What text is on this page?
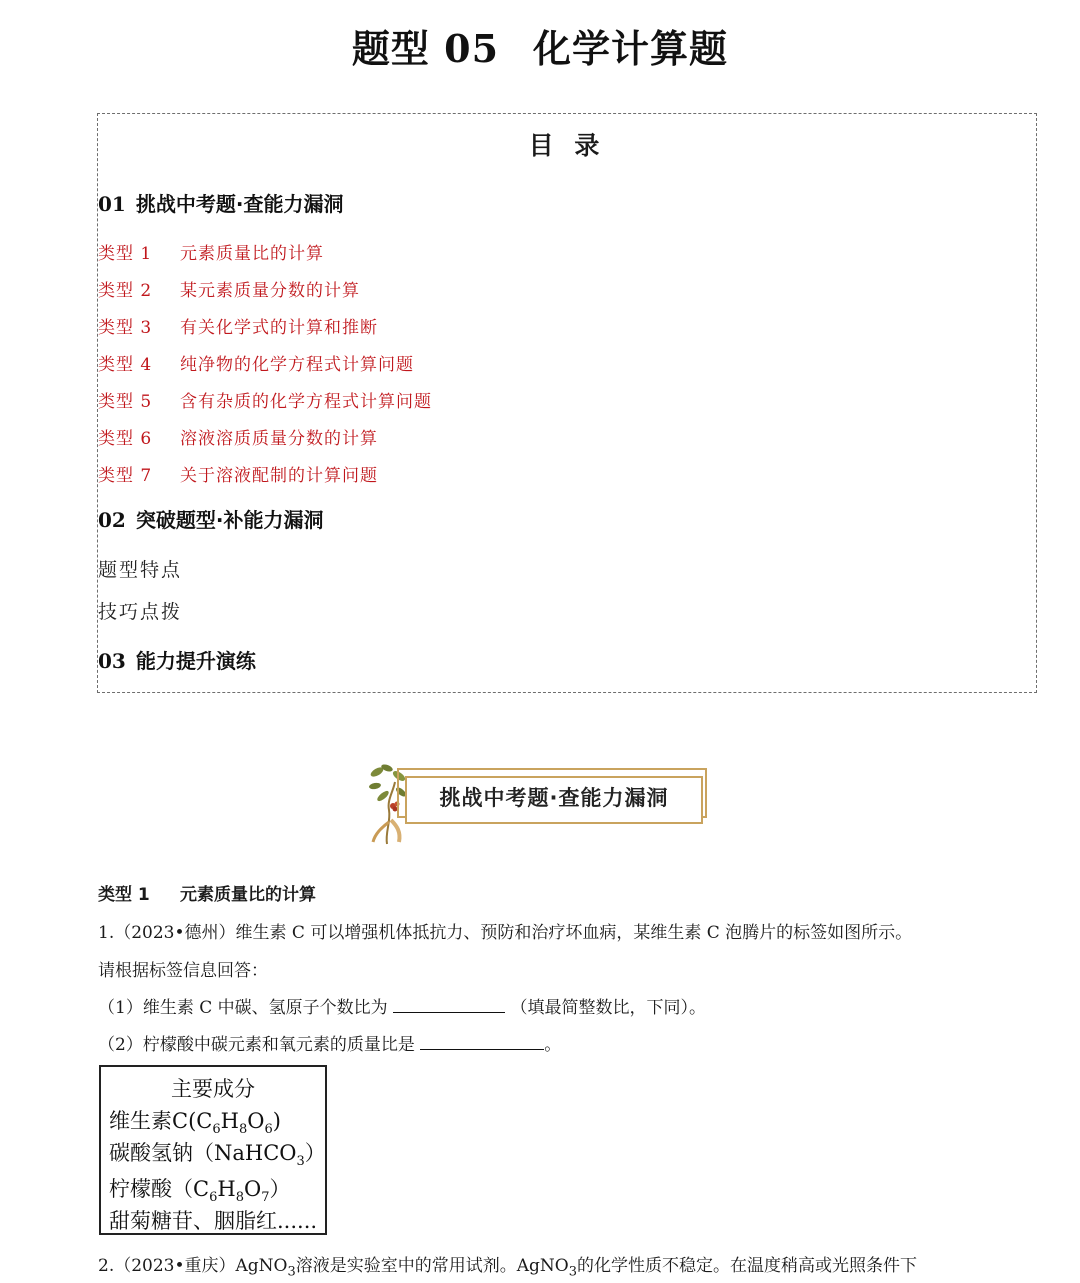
题型 05 化学计算题
目 录
01 挑战中考题·查能力漏洞
类型 1 元素质量比的计算
类型 2 某元素质量分数的计算
类型 3 有关化学式的计算和推断
类型 4 纯净物的化学方程式计算问题
类型 5 含有杂质的化学方程式计算问题
类型 6 溶液溶质质量分数的计算
类型 7 关于溶液配制的计算问题
02 突破题型·补能力漏洞
题型特点
技巧点拨
03 能力提升演练
挑战中考题·查能力漏洞
类型 1 元素质量比的计算
1.（2023•德州）维生素 C 可以增强机体抵抗力、预防和治疗坏血病，某维生素 C 泡腾片的标签如图所示。
请根据标签信息回答：
（1）维生素 C 中碳、氢原子个数比为	（填最简整数比，下同）。
（2）柠檬酸中碳元素和氧元素的质量比是	。
主要成分
维生素$C(C_6H_8O_6)$
碳酸氢钠（NaHCO$_3$）
柠檬酸$(C_6H_8O_7)$
甜菊糖苷、胭脂红......
2.（2023•重庆）AgNO$_3$溶液是实验室中的常用试剂。AgNO$_3$的化学性质不稳定。在温度稍高或光照条件下
